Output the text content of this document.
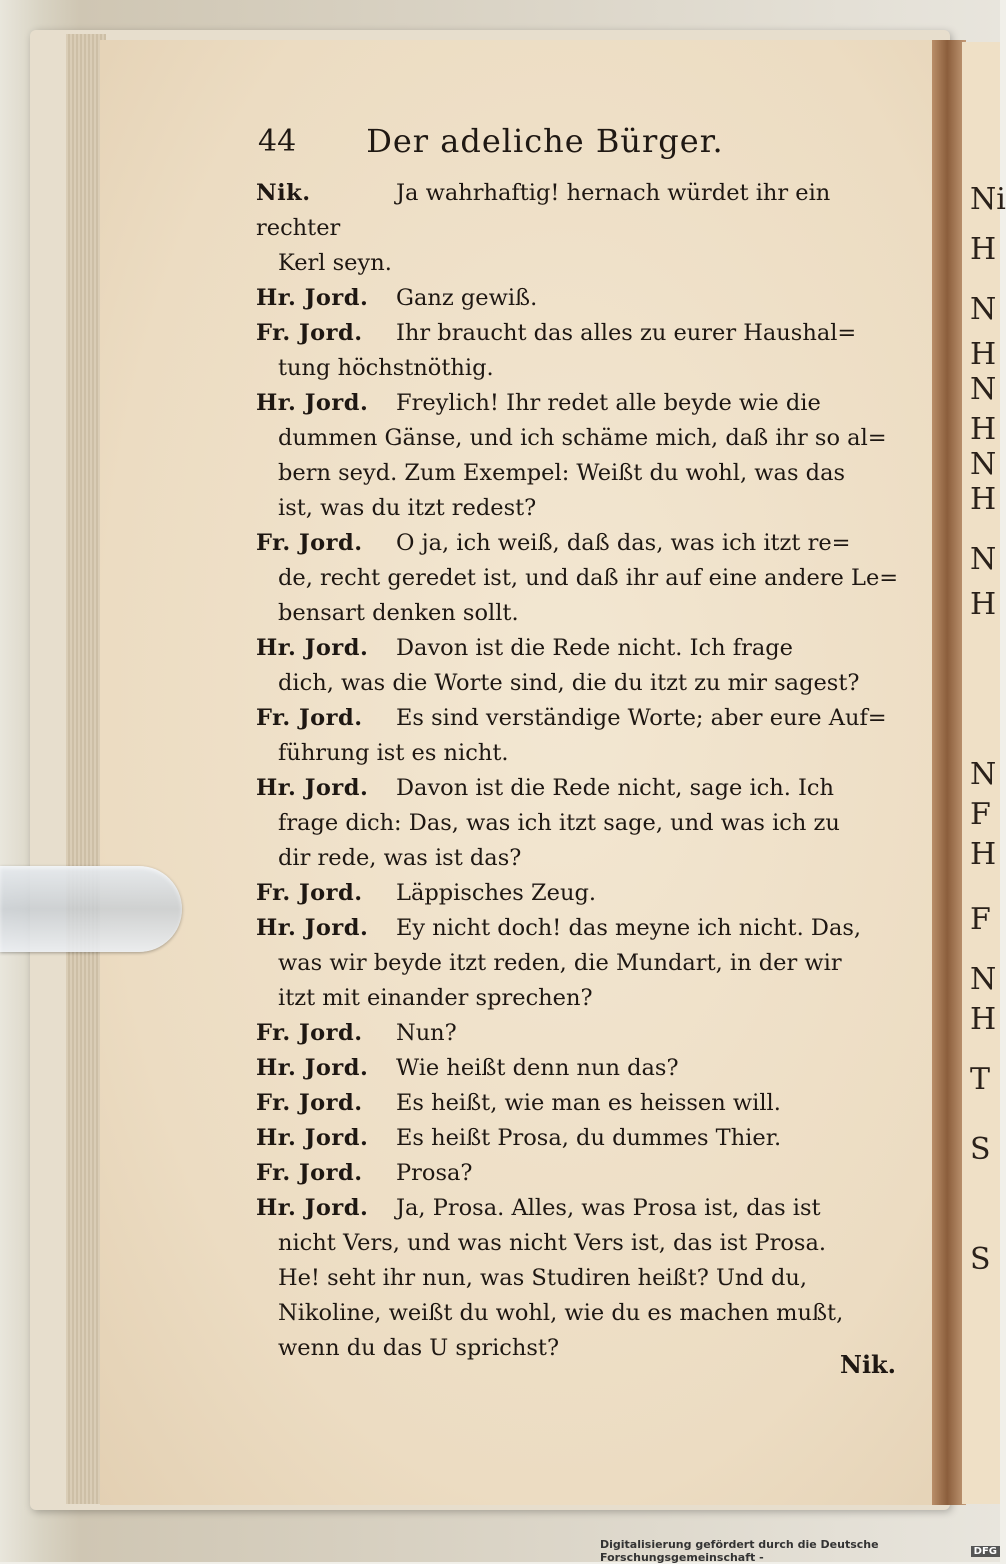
Ni
H
N
H
N
H
N
H
N
H
N
F
H
F
N
H
T
S
S
44 Der adeliche Bürger.
Nik.	Ja wahrhaftig! hernach würdet ihr ein rechter
Kerl seyn.
Hr. Jord. Ganz gewiß.
Fr. Jord. Ihr braucht das alles zu eurer Haushal=
tung höchstnöthig.
Hr. Jord. Freylich! Ihr redet alle beyde wie die
dummen Gänse, und ich schäme mich, daß ihr so al=
bern seyd. Zum Exempel: Weißt du wohl, was das
ist, was du itzt redest?
Fr. Jord. O ja, ich weiß, daß das, was ich itzt re=
de, recht geredet ist, und daß ihr auf eine andere Le=
bensart denken sollt.
Hr. Jord. Davon ist die Rede nicht. Ich frage
dich, was die Worte sind, die du itzt zu mir sagest?
Fr. Jord. Es sind verständige Worte; aber eure Auf=
führung ist es nicht.
Hr. Jord. Davon ist die Rede nicht, sage ich. Ich
frage dich: Das, was ich itzt sage, und was ich zu
dir rede, was ist das?
Fr. Jord. Läppisches Zeug.
Hr. Jord. Ey nicht doch! das meyne ich nicht. Das,
was wir beyde itzt reden, die Mundart, in der wir
itzt mit einander sprechen?
Fr. Jord. Nun?
Hr. Jord. Wie heißt denn nun das?
Fr. Jord. Es heißt, wie man es heissen will.
Hr. Jord. Es heißt Prosa, du dummes Thier.
Fr. Jord. Prosa?
Hr. Jord. Ja, Prosa. Alles, was Prosa ist, das ist
nicht Vers, und was nicht Vers ist, das ist Prosa.
He! seht ihr nun, was Studiren heißt? Und du,
Nikoline, weißt du wohl, wie du es machen mußt,
wenn du das U sprichst?
Nik.
Digitalisierung gefördert durch die Deutsche Forschungsgemeinschaft -	DFG
